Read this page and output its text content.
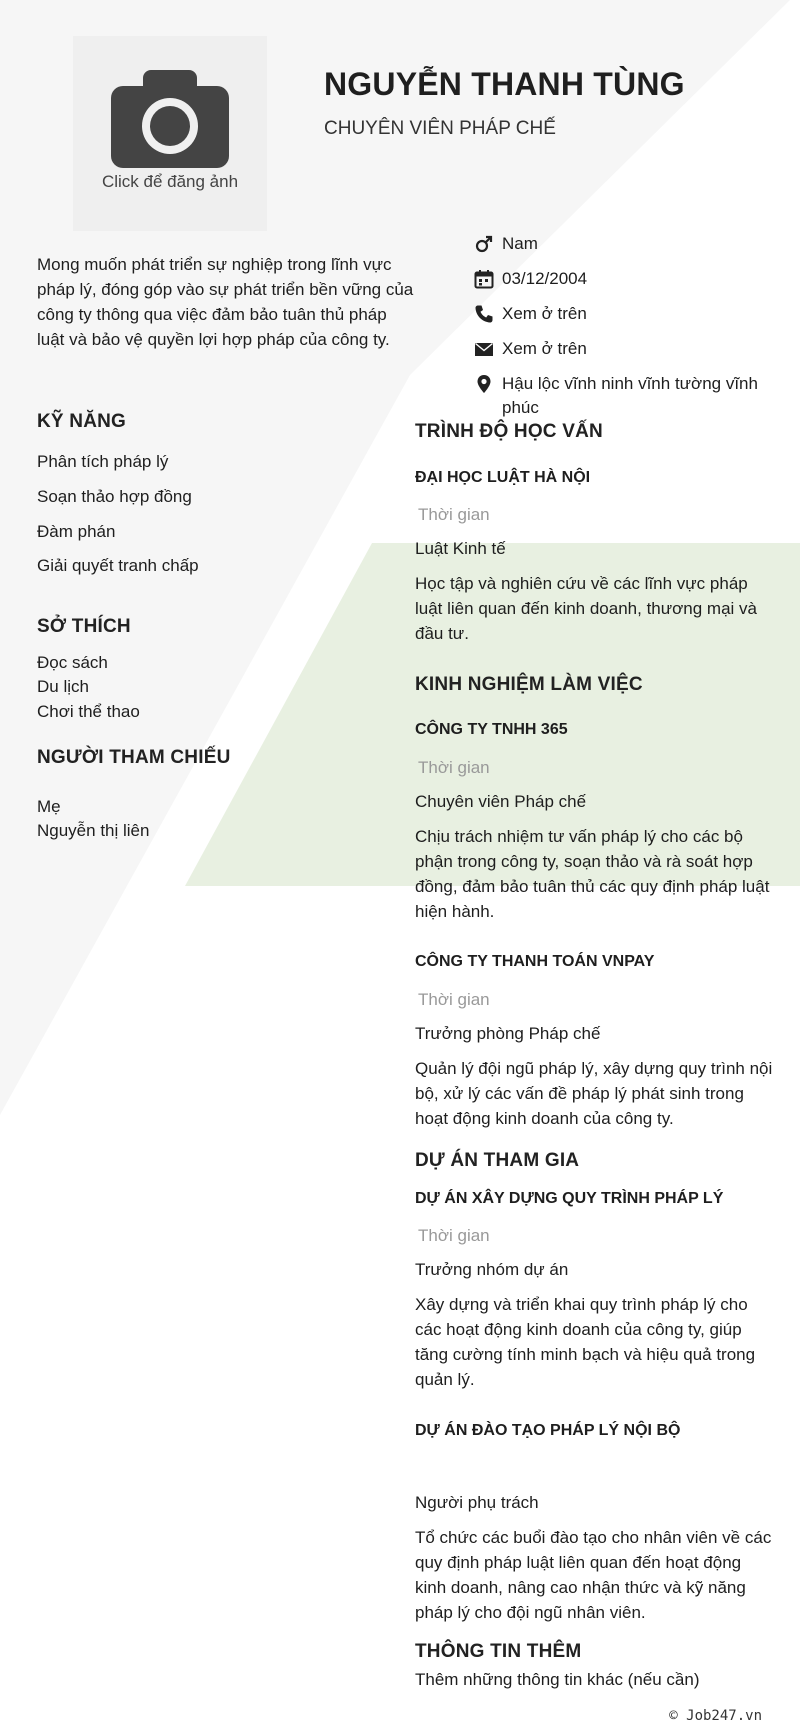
Click để đăng ảnh
NGUYỄN THANH TÙNG
CHUYÊN VIÊN PHÁP CHẾ
Mong muốn phát triển sự nghiệp trong lĩnh vực pháp lý, đóng góp vào sự phát triển bền vững của công ty thông qua việc đảm bảo tuân thủ pháp luật và bảo vệ quyền lợi hợp pháp của công ty.
Nam
03/12/2004
Xem ở trên
Xem ở trên
Hậu lộc vĩnh ninh vĩnh tường vĩnh phúc
KỸ NĂNG
Phân tích pháp lý
Soạn thảo hợp đồng
Đàm phán
Giải quyết tranh chấp
SỞ THÍCH
Đọc sách
Du lịch
Chơi thể thao
NGƯỜI THAM CHIẾU
Mẹ
Nguyễn thị liên
TRÌNH ĐỘ HỌC VẤN
ĐẠI HỌC LUẬT HÀ NỘI
Thời gian
Luật Kinh tế
Học tập và nghiên cứu về các lĩnh vực pháp luật liên quan đến kinh doanh, thương mại và đầu tư.
KINH NGHIỆM LÀM VIỆC
CÔNG TY TNHH 365
Thời gian
Chuyên viên Pháp chế
Chịu trách nhiệm tư vấn pháp lý cho các bộ phận trong công ty, soạn thảo và rà soát hợp đồng, đảm bảo tuân thủ các quy định pháp luật hiện hành.
CÔNG TY THANH TOÁN VNPAY
Thời gian
Trưởng phòng Pháp chế
Quản lý đội ngũ pháp lý, xây dựng quy trình nội bộ, xử lý các vấn đề pháp lý phát sinh trong hoạt động kinh doanh của công ty.
DỰ ÁN THAM GIA
DỰ ÁN XÂY DỰNG QUY TRÌNH PHÁP LÝ
Thời gian
Trưởng nhóm dự án
Xây dựng và triển khai quy trình pháp lý cho các hoạt động kinh doanh của công ty, giúp tăng cường tính minh bạch và hiệu quả trong quản lý.
DỰ ÁN ĐÀO TẠO PHÁP LÝ NỘI BỘ
Người phụ trách
Tổ chức các buổi đào tạo cho nhân viên về các quy định pháp luật liên quan đến hoạt động kinh doanh, nâng cao nhận thức và kỹ năng pháp lý cho đội ngũ nhân viên.
THÔNG TIN THÊM
Thêm những thông tin khác (nếu cần)
© Job247.vn
